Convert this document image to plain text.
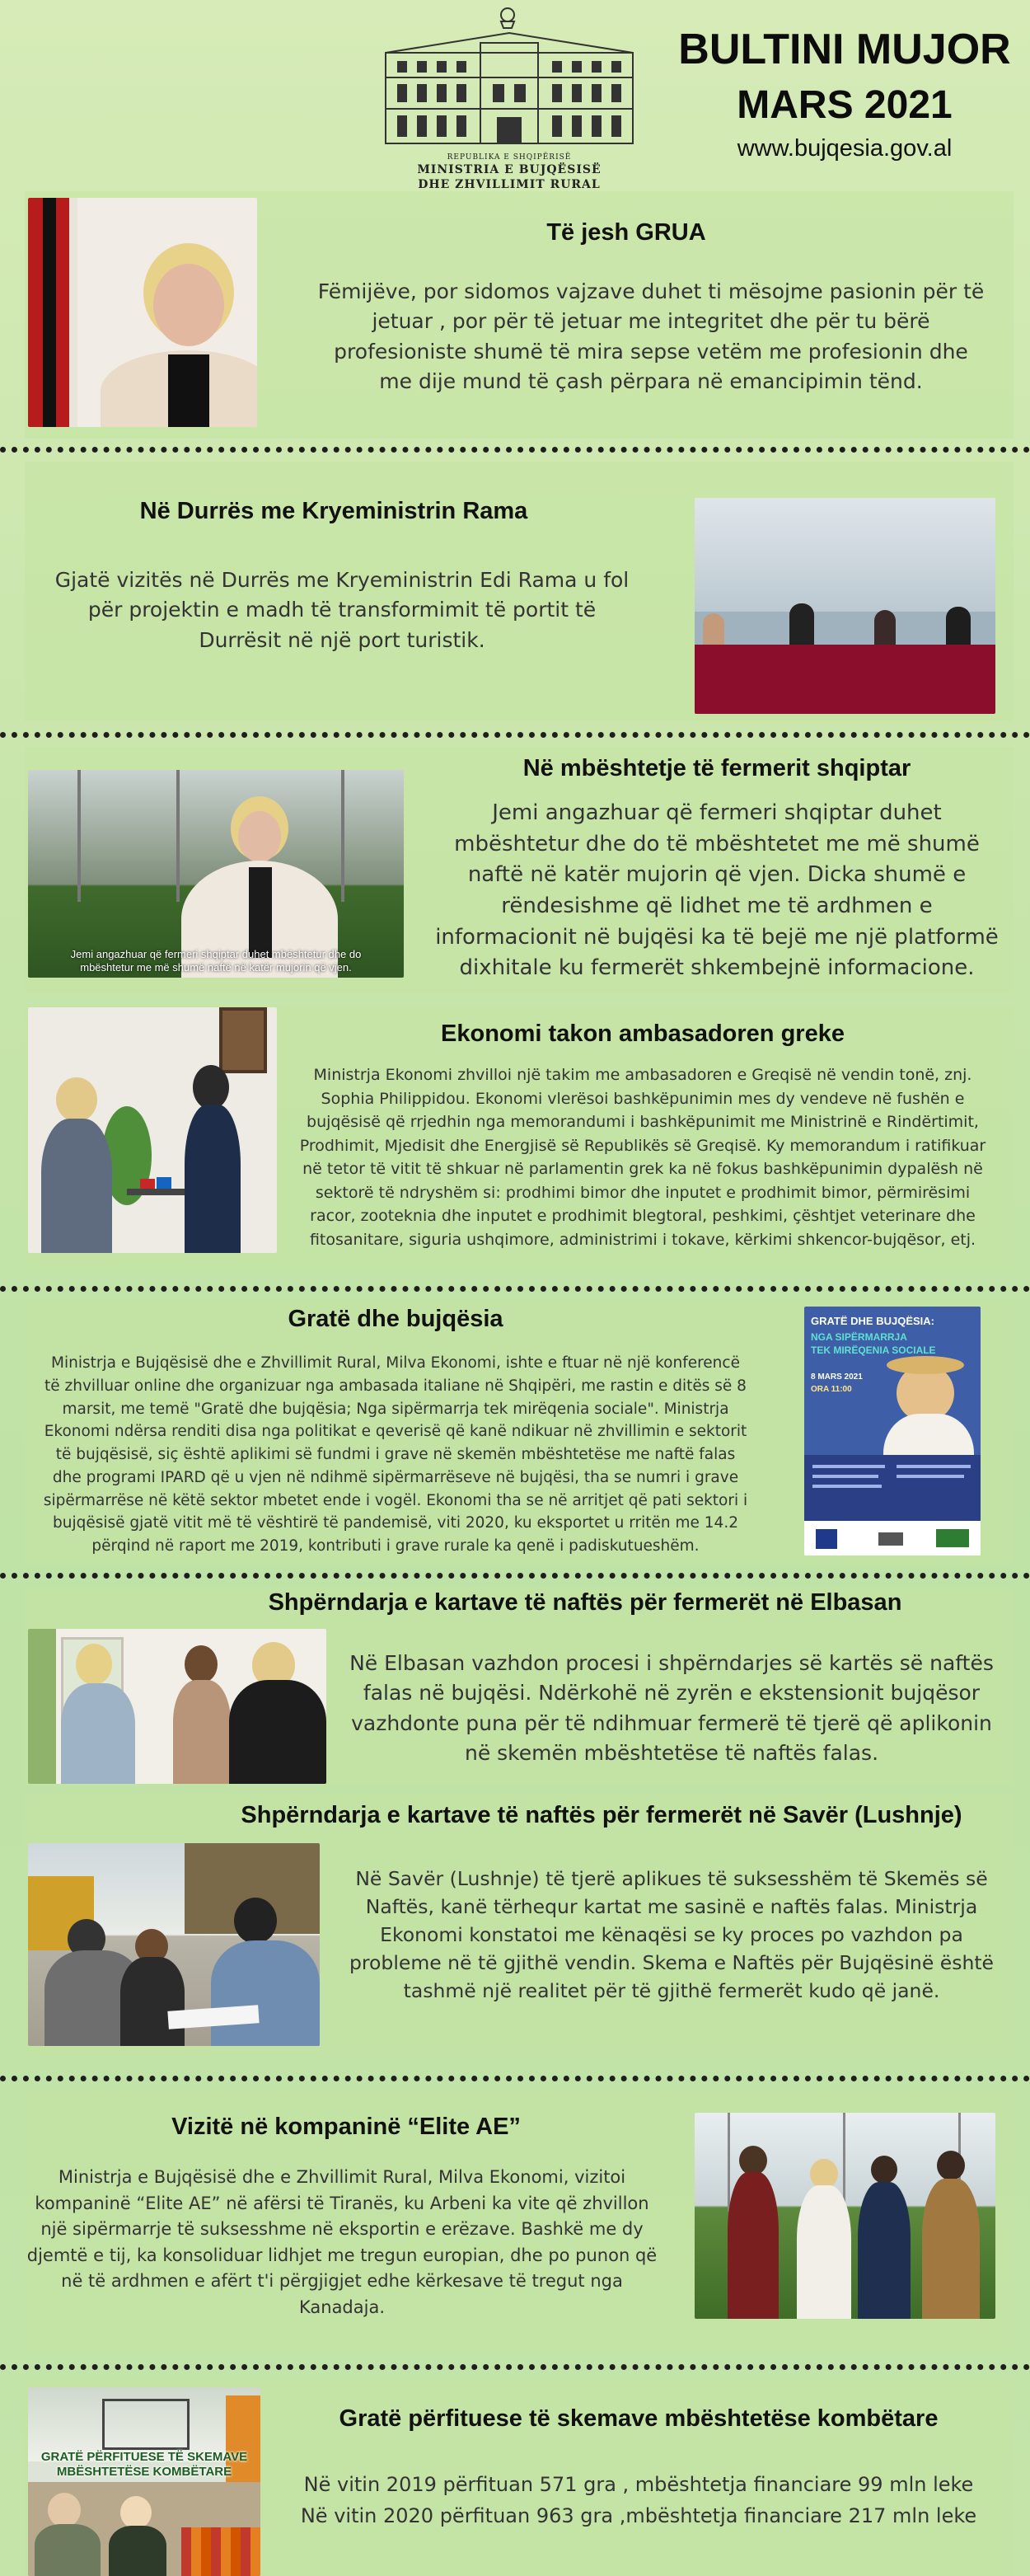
REPUBLIKA E SHQIPËRISË
MINISTRIA E BUJQËSISË
DHE ZHVILLIMIT RURAL
BULTINI MUJOR
MARS 2021
www.bujqesia.gov.al
Të jesh GRUA
Fëmijëve, por sidomos vajzave duhet ti mësojme pasionin për të jetuar , por për të jetuar me integritet dhe për tu bërë profesioniste shumë të mira sepse vetëm me profesionin dhe me dije mund të çash përpara në emancipimin tënd.
Në Durrës me Kryeministrin Rama
Gjatë vizitës në Durrës me Kryeministrin Edi Rama u fol për projektin e madh të transformimit të portit të Durrësit në një port turistik.
Jemi angazhuar që fermeri shqiptar duhet mbështetur dhe do mbështetur me më shumë naftë në katër mujorin që vjen.
Në mbështetje të fermerit shqiptar
Jemi angazhuar që fermeri shqiptar duhet mbështetur dhe do të mbështetet me më shumë naftë në katër mujorin që vjen. Dicka shumë e rëndesishme që lidhet me të ardhmen e informacionit në bujqësi ka të bejë me një platformë dixhitale ku fermerët shkembejnë informacione.
Ekonomi takon ambasadoren greke
Ministrja Ekonomi zhvilloi një takim me ambasadoren e Greqisë në vendin tonë, znj. Sophia Philippidou. Ekonomi vlerësoi bashkëpunimin mes dy vendeve në fushën e bujqësisë që rrjedhin nga memorandumi i bashkëpunimit me Ministrinë e Rindërtimit, Prodhimit, Mjedisit dhe Energjisë së Republikës së Greqisë. Ky memorandum i ratifikuar në tetor të vitit të shkuar në parlamentin grek ka në fokus bashkëpunimin dypalësh në sektorë të ndryshëm si: prodhimi bimor dhe inputet e prodhimit bimor, përmirësimi racor, zooteknia dhe inputet e prodhimit blegtoral, peshkimi, çështjet veterinare dhe fitosanitare, siguria ushqimore, administrimi i tokave, kërkimi shkencor-bujqësor, etj.
Gratë dhe bujqësia
Ministrja e Bujqësisë dhe e Zhvillimit Rural, Milva Ekonomi, ishte e ftuar në një konferencë të zhvilluar online dhe organizuar nga ambasada italiane në Shqipëri, me rastin e ditës së 8 marsit, me temë "Gratë dhe bujqësia; Nga sipërmarrja tek mirëqenia sociale". Ministrja Ekonomi ndërsa renditi disa nga politikat e qeverisë që kanë ndikuar në zhvillimin e sektorit të bujqësisë, siç është aplikimi së fundmi i grave në skemën mbështetëse me naftë falas dhe programi IPARD që u vjen në ndihmë sipërmarrëseve në bujqësi, tha se numri i grave sipërmarrëse në këtë sektor mbetet ende i vogël. Ekonomi tha se në arritjet që pati sektori i bujqësisë gjatë vitit më të vështirë të pandemisë, viti 2020, ku eksportet u rritën me 14.2 përqind në raport me 2019, kontributi i grave rurale ka qenë i padiskutueshëm.
GRATË DHE BUJQËSIA:
NGA SIPËRMARRJA
TEK MIRËQENIA SOCIALE
8 MARS 2021
ORA 11:00
Shpërndarja e kartave të naftës për fermerët në Elbasan
Në Elbasan vazhdon procesi i shpërndarjes së kartës së naftës falas në bujqësi. Ndërkohë në zyrën e ekstensionit bujqësor vazhdonte puna për të ndihmuar fermerë të tjerë që aplikonin në skemën mbështetëse të naftës falas.
Shpërndarja e kartave të naftës për fermerët në Savër (Lushnje)
Në Savër (Lushnje) të tjerë aplikues të suksesshëm të Skemës së Naftës, kanë tërhequr kartat me sasinë e naftës falas. Ministrja Ekonomi konstatoi me kënaqësi se ky proces po vazhdon pa probleme në të gjithë vendin. Skema e Naftës për Bujqësinë është tashmë një realitet për të gjithë fermerët kudo që janë.
Vizitë në kompaninë “Elite AE”
Ministrja e Bujqësisë dhe e Zhvillimit Rural, Milva Ekonomi, vizitoi kompaninë “Elite AE” në afërsi të Tiranës, ku Arbeni ka vite që zhvillon një sipërmarrje të suksesshme në eksportin e erëzave. Bashkë me dy djemtë e tij, ka konsoliduar lidhjet me tregun europian, dhe po punon që në të ardhmen e afërt t'i përgjigjet edhe kërkesave të tregut nga Kanadaja.
GRATË PËRFITUESE TË SKEMAVE
MBËSHTETËSE KOMBËTARE
Gratë përfituese të skemave mbështetëse kombëtare
Në vitin 2019 përfituan 571 gra , mbështetja financiare 99 mln leke
Në vitin 2020 përfituan 963 gra ,mbështetja financiare 217 mln leke
